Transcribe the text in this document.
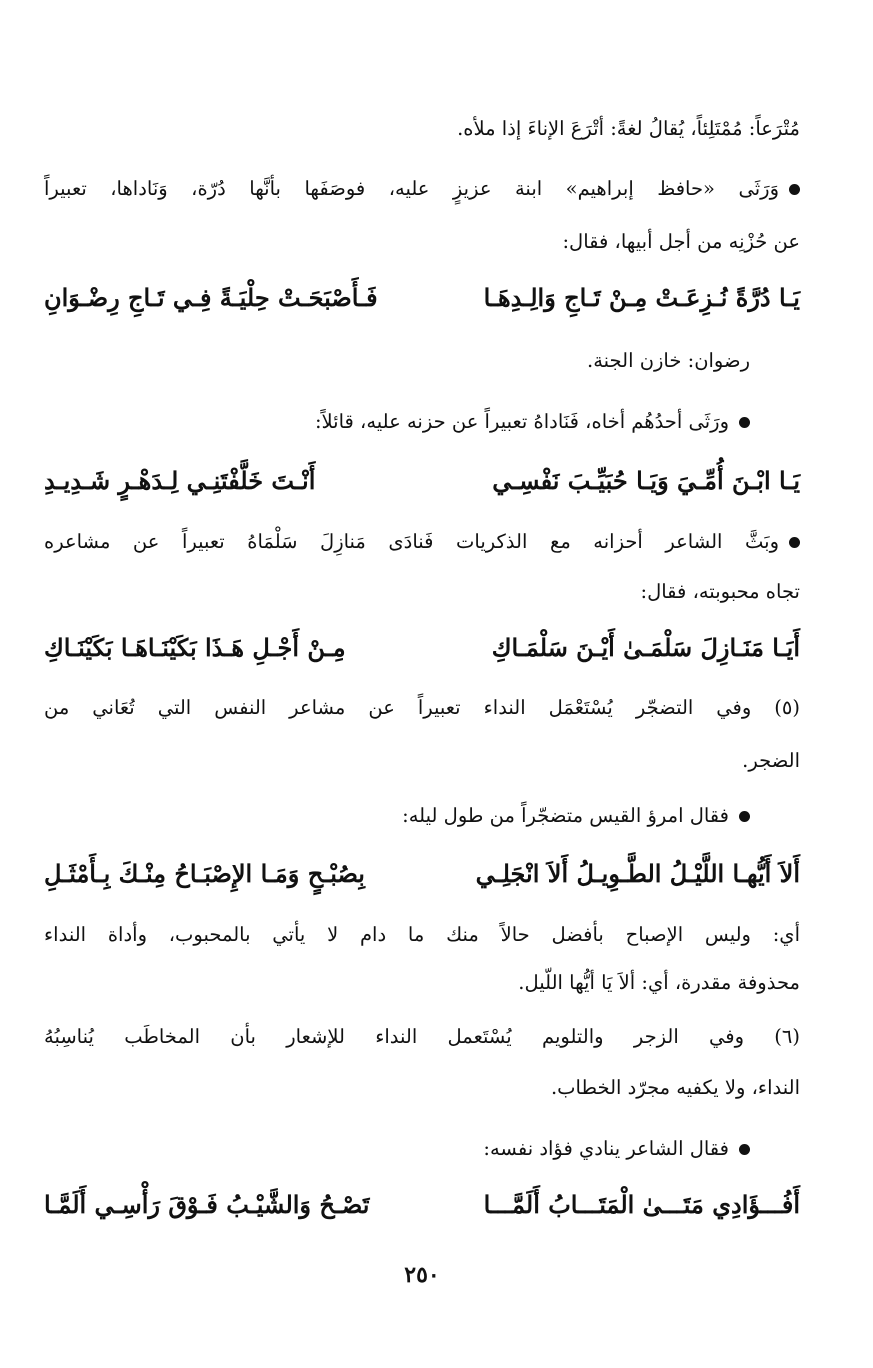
مُتْرَعاً: مُمْتَلِئاً، يُقالُ لغةً: أتْرَعَ الإناءَ إذا ملأه.
وَرَثَى «حافظ إبراهيم» ابنة عزيزٍ عليه، فوصَفَها بأنَّها دُرّة، وَنَاداها، تعبيراً
عن حُزْنِه من أجل أبيها، فقال:
يَـا دُرَّةً نُـزِعَـتْ مِـنْ تَـاجِ وَالِـدِهَـا
فَـأَصْبَحَـتْ حِلْيَـةً فِـي تَـاجِ رِضْـوَانِ
رضوان: خازن الجنة.
ورَثَى أحدُهُم أخاه، فَنَاداهُ تعبيراً عن حزنه عليه، قائلاً:
يَـا ابْـنَ أُمِّـيَ وَيَـا حُبَيِّـبَ نَفْسِـي
أَنْـتَ خَلَّفْتَنِـي لِـدَهْـرٍ شَـدِيـدِ
وبَثَّ الشاعر أحزانه مع الذكريات فَنادَى مَنازِلَ سَلْمَاهُ تعبيراً عن مشاعره
تجاه محبوبته، فقال:
أَيَـا مَنَـازِلَ سَلْمَـىٰ أَيْـنَ سَلْمَـاكِ
مِـنْ أَجْـلِ هَـذَا بَكَيْنَـاهَـا بَكَيْنَـاكِ
(٥) وفي التضجّر يُسْتَعْمَل النداء تعبيراً عن مشاعر النفس التي تُعَاني من
الضجر.
فقال امرؤ القيس متضجّراً من طول ليله:
أَلاَ أَيُّهـا اللَّيْـلُ الطَّـوِيـلُ أَلاَ انْجَلِـي
بِصُبْـحٍ وَمَـا الإِصْبَـاحُ مِنْـكَ بِـأَمْثَـلِ
أي: وليس الإصباح بأفضل حالاً منك ما دام لا يأتي بالمحبوب، وأداة النداء
محذوفة مقدرة، أي: ألاَ يَا أيُّها اللّيل.
(٦) وفي الزجر والتلويم يُسْتَعمل النداء للإشعار بأن المخاطَب يُناسِبُهُ
النداء، ولا يكفيه مجرّد الخطاب.
فقال الشاعر ينادي فؤاد نفسه:
أَفُـــؤَادِي مَتَـــىٰ الْمَتَـــابُ أَلَمَّـــا
تَصْـحُ وَالشَّيْـبُ فَـوْقَ رَأْسِـي أَلَمَّـا
٢٥٠
